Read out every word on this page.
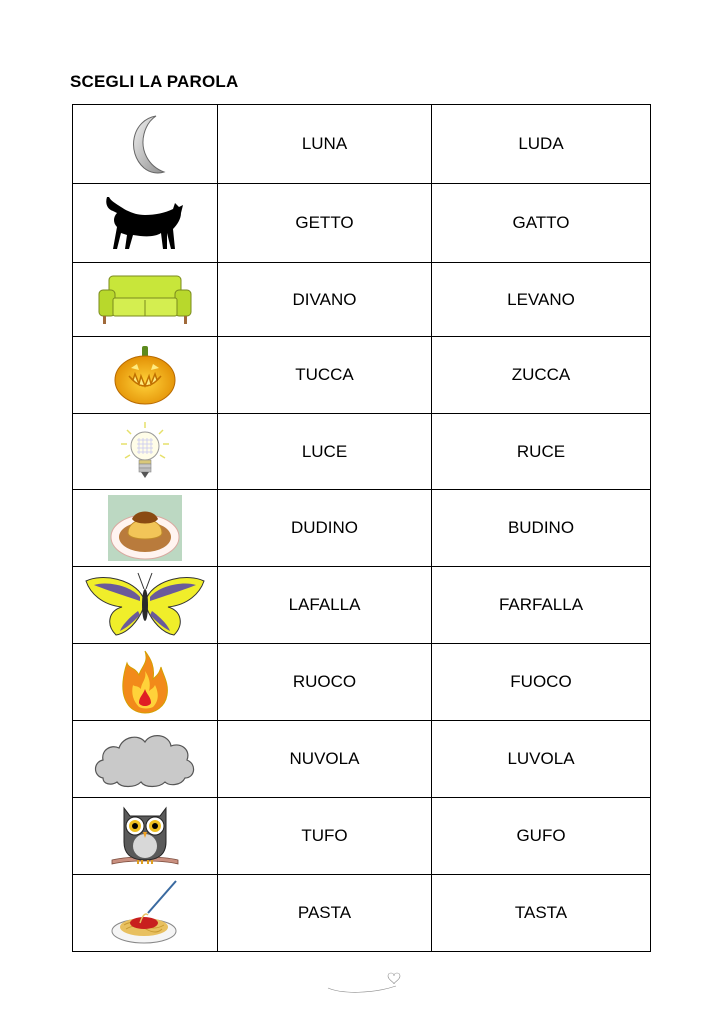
SCEGLI LA PAROLA
	LUNA	LUDA

	GETTO	GATTO

	DIVANO	LEVANO

	TUCCA	ZUCCA

	LUCE	RUCE

	DUDINO	BUDINO

	LAFALLA	FARFALLA

	RUOCO	FUOCO

	NUVOLA	LUVOLA

	TUFO	GUFO

	PASTA	TASTA
